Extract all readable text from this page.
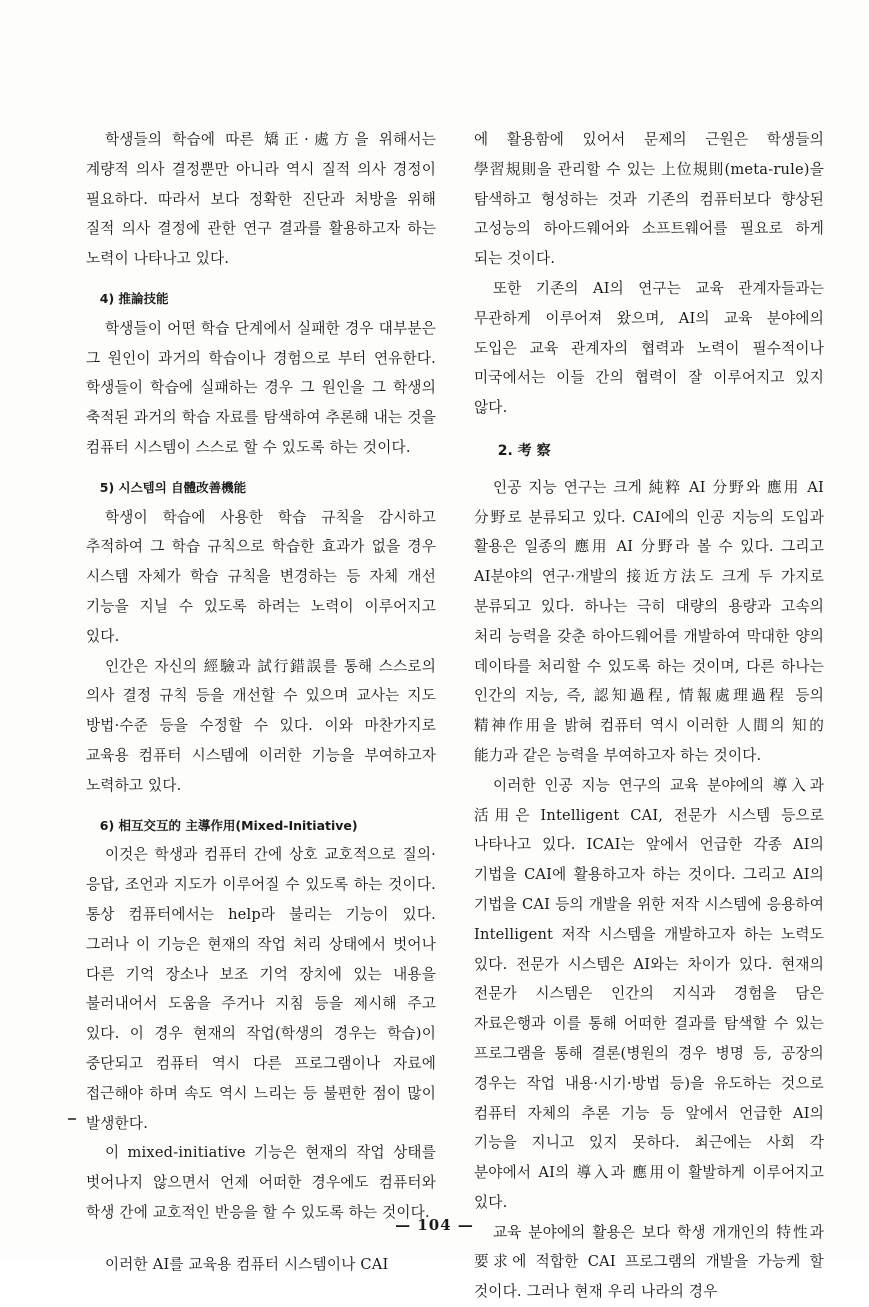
학생들의 학습에 따른 矯正·處方을 위해서는 계량적 의사 결정뿐만 아니라 역시 질적 의사 경정이 필요하다. 따라서 보다 정확한 진단과 처방을 위해 질적 의사 결정에 관한 연구 결과를 활용하고자 하는 노력이 나타나고 있다.

4) 推論技能

학생들이 어떤 학습 단계에서 실패한 경우 대부분은 그 원인이 과거의 학습이나 경험으로 부터 연유한다. 학생들이 학습에 실패하는 경우 그 원인을 그 학생의 축적된 과거의 학습 자료를 탐색하여 추론해 내는 것을 컴퓨터 시스템이 스스로 할 수 있도록 하는 것이다.

5) 시스템의 自體改善機能

학생이 학습에 사용한 학습 규칙을 감시하고 추적하여 그 학습 규칙으로 학습한 효과가 없을 경우 시스템 자체가 학습 규칙을 변경하는 등 자체 개선 기능을 지닐 수 있도록 하려는 노력이 이루어지고 있다.

인간은 자신의 經驗과 試行錯誤를 통해 스스로의 의사 결정 규칙 등을 개선할 수 있으며 교사는 지도 방법·수준 등을 수정할 수 있다. 이와 마찬가지로 교육용 컴퓨터 시스템에 이러한 기능을 부여하고자 노력하고 있다.

6) 相互交互的 主導作用(Mixed-Initiative)

이것은 학생과 컴퓨터 간에 상호 교호적으로 질의·응답, 조언과 지도가 이루어질 수 있도록 하는 것이다. 통상 컴퓨터에서는 help라 불리는 기능이 있다. 그러나 이 기능은 현재의 작업 처리 상태에서 벗어나 다른 기억 장소나 보조 기억 장치에 있는 내용을 불러내어서 도움을 주거나 지침 등을 제시해 주고 있다. 이 경우 현재의 작업(학생의 경우는 학습)이 중단되고 컴퓨터 역시 다른 프로그램이나 자료에 접근해야 하며 속도 역시 느리는 등 불편한 점이 많이 발생한다.

이 mixed-initiative 기능은 현재의 작업 상태를 벗어나지 않으면서 언제 어떠한 경우에도 컴퓨터와 학생 간에 교호적인 반응을 할 수 있도록 하는 것이다.

이러한 AI를 교육용 컴퓨터 시스템이나 CAI

에 활용함에 있어서 문제의 근원은 학생들의 學習規則을 관리할 수 있는 上位規則(meta-rule)을 탐색하고 형성하는 것과 기존의 컴퓨터보다 향상된 고성능의 하아드웨어와 소프트웨어를 필요로 하게 되는 것이다.

또한 기존의 AI의 연구는 교육 관계자들과는 무관하게 이루어져 왔으며, AI의 교육 분야에의 도입은 교육 관계자의 협력과 노력이 필수적이나 미국에서는 이들 간의 협력이 잘 이루어지고 있지 않다.

2. 考 察

인공 지능 연구는 크게 純粹 AI 分野와 應用 AI 分野로 분류되고 있다. CAI에의 인공 지능의 도입과 활용은 일종의 應用 AI 分野라 볼 수 있다. 그리고 AI분야의 연구·개발의 接近方法도 크게 두 가지로 분류되고 있다. 하나는 극히 대량의 용량과 고속의 처리 능력을 갖춘 하아드웨어를 개발하여 막대한 양의 데이타를 처리할 수 있도록 하는 것이며, 다른 하나는 인간의 지능, 즉, 認知過程, 情報處理過程 등의 精神作用을 밝혀 컴퓨터 역시 이러한 人間의 知的 能力과 같은 능력을 부여하고자 하는 것이다.

이러한 인공 지능 연구의 교육 분야에의 導入과 活用은 Intelligent CAI, 전문가 시스템 등으로 나타나고 있다. ICAI는 앞에서 언급한 각종 AI의 기법을 CAI에 활용하고자 하는 것이다. 그리고 AI의 기법을 CAI 등의 개발을 위한 저작 시스템에 응용하여 Intelligent 저작 시스템을 개발하고자 하는 노력도 있다. 전문가 시스템은 AI와는 차이가 있다. 현재의 전문가 시스템은 인간의 지식과 경험을 담은 자료은행과 이를 통해 어떠한 결과를 탐색할 수 있는 프로그램을 통해 결론(병원의 경우 병명 등, 공장의 경우는 작업 내용·시기·방법 등)을 유도하는 것으로 컴퓨터 자체의 추론 기능 등 앞에서 언급한 AI의 기능을 지니고 있지 못하다. 최근에는 사회 각 분야에서 AI의 導入과 應用이 활발하게 이루어지고 있다.

교육 분야에의 활용은 보다 학생 개개인의 特性과 要求에 적합한 CAI 프로그램의 개발을 가능케 할 것이다. 그러나 현재 우리 나라의 경우

— 104 —
